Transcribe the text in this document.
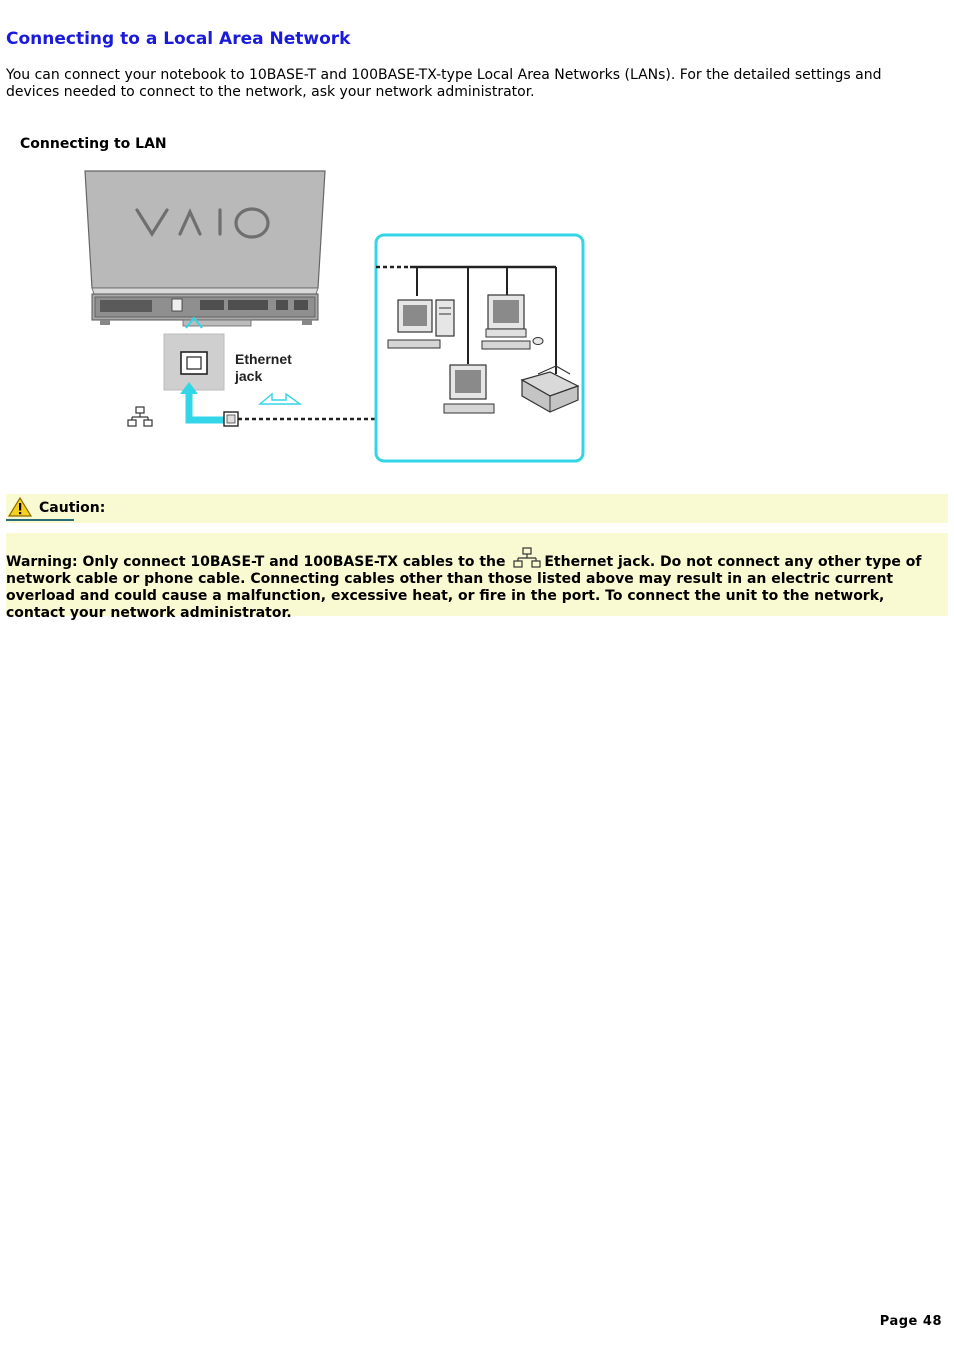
Connecting to a Local Area Network

You can connect your notebook to 10BASE-T and 100BASE-TX-type Local Area Networks (LANs). For the detailed settings and devices needed to connect to the network, ask your network administrator.

Connecting to LAN

Ethernet
jack
Caution:
Warning: Only connect 10BASE-T and 100BASE-TX cables to the Ethernet jack. Do not connect any other type of network cable or phone cable. Connecting cables other than those listed above may result in an electric current overload and could cause a malfunction, excessive heat, or fire in the port. To connect the unit to the network, contact your network administrator.
Page 48
